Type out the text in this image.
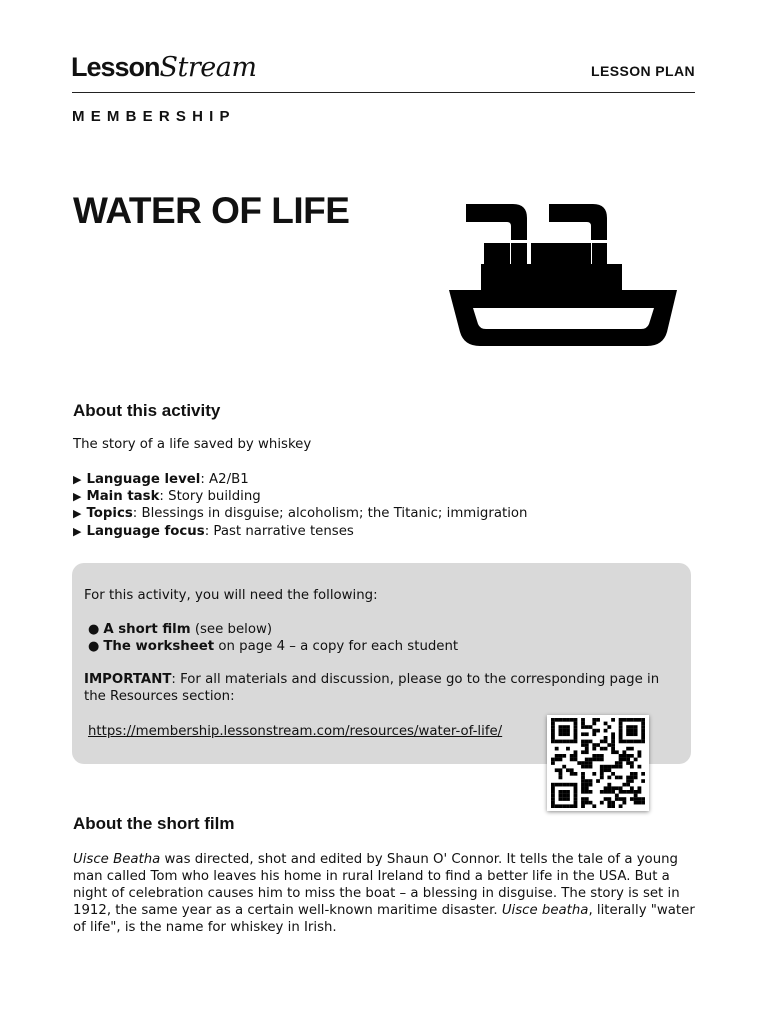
LessonStream	LESSON PLAN
MEMBERSHIP
WATER OF LIFE
About this activity

The story of a life saved by whiskey

▶ Language level: A2/B1
▶ Main task: Story building
▶ Topics: Blessings in disguise; alcoholism; the Titanic; immigration
▶ Language focus: Past narrative tenses

For this activity, you will need the following:

● A short film (see below)
● The worksheet on page 4 – a copy for each student

IMPORTANT: For all materials and discussion, please go to the corresponding page in the Resources section:

https://membership.lessonstream.com/resources/water-of-life/
About the short film

Uisce Beatha was directed, shot and edited by Shaun O' Connor. It tells the tale of a young man called Tom who leaves his home in rural Ireland to find a better life in the USA. But a night of celebration causes him to miss the boat – a blessing in disguise. The story is set in 1912, the same year as a certain well-known maritime disaster. Uisce beatha, literally "water of life", is the name for whiskey in Irish.
